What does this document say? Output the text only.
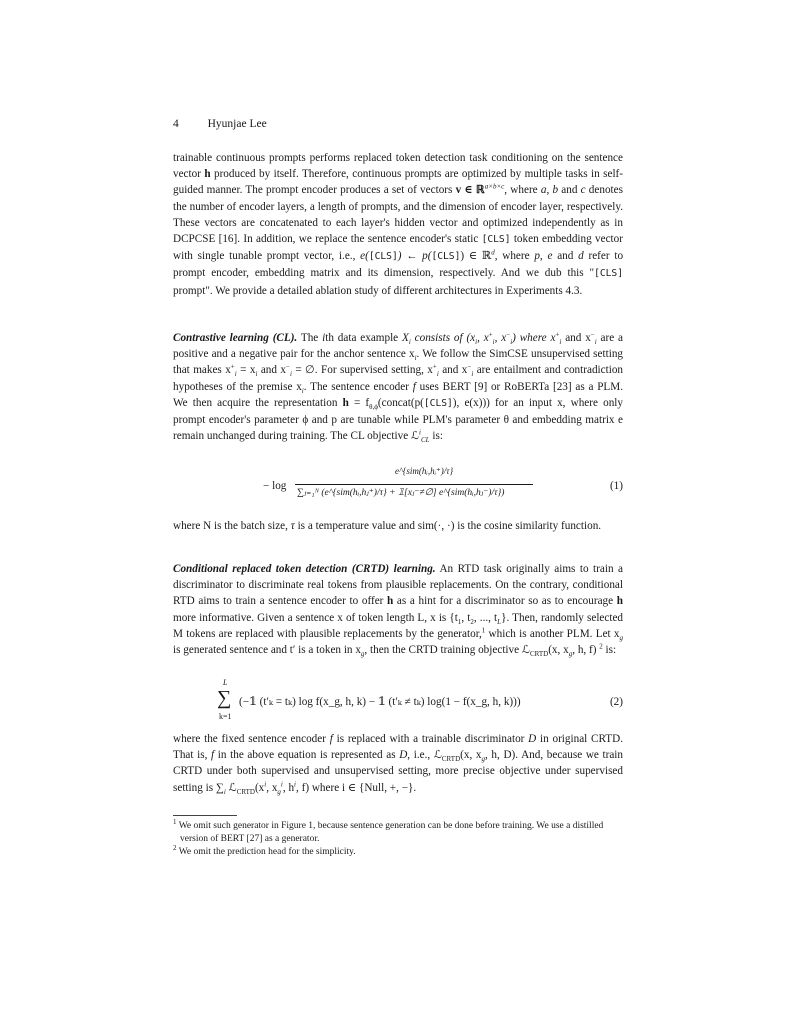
4	Hyunjae Lee
trainable continuous prompts performs replaced token detection task conditioning on the sentence vector h produced by itself. Therefore, continuous prompts are optimized by multiple tasks in self-guided manner. The prompt encoder produces a set of vectors v ∈ ℝ$^{a\times b\times c}$, where a, b and c denotes the number of encoder layers, a length of prompts, and the dimension of encoder layer, respectively. These vectors are concatenated to each layer's hidden vector and optimized independently as in DCPCSE [16]. In addition, we replace the sentence encoder's static [CLS] token embedding vector with single tunable prompt vector, i.e., e([CLS]) ← p([CLS]) ∈ ℝ$^d$, where p, e and d refer to prompt encoder, embedding matrix and its dimension, respectively. And we dub this "[CLS] prompt". We provide a detailed ablation study of different architectures in Experiments 4.3.
Contrastive learning (CL). The ith data example $X_i$ consists of ($x_i$, $x^+_i$, $x^-_i$) where $x^+_i$ and $x^-_i$ are a positive and a negative pair for the anchor sentence $x_i$. We follow the SimCSE unsupervised setting that makes $x^+_i = x_i$ and $x^-_i$ = ∅. For supervised setting, $x^+_i$ and $x^-_i$ are entailment and contradiction hypotheses of the premise $x_i$. The sentence encoder f uses BERT [9] or RoBERTa [23] as a PLM. We then acquire the representation $h = f_{\theta,\phi}(concat(p([CLS])$, e(x))) for an input x, where only prompt encoder's parameter ϕ and p are tunable while PLM's parameter θ and embedding matrix e remain unchanged during training. The CL objective ℒ$^i_{CL}$ is:
− log
e^{sim(hᵢ,hᵢ⁺)/τ}
∑ⱼ₌₁ᴺ (e^{sim(hᵢ,hⱼ⁺)/τ} + 𝟙[xⱼ⁻≠∅] e^{sim(hᵢ,hⱼ⁻)/τ})
(1)
where N is the batch size, τ is a temperature value and sim(·, ·) is the cosine similarity function.
Conditional replaced token detection (CRTD) learning. An RTD task originally aims to train a discriminator to discriminate real tokens from plausible replacements. On the contrary, conditional RTD aims to train a sentence encoder to offer h as a hint for a discriminator so as to encourage h more informative. Given a sentence x of token length L, x is {$t_1$, $t_2$, ..., $t_L$}. Then, randomly selected M tokens are replaced with plausible replacements by the generator,$^1$ which is another PLM. Let $x_g$ is generated sentence and t′ is a token in $x_g$, then the CRTD training objective ℒ$_{CRTD}$(x, $x_g$, h, f) $^2$ is:
L
∑
k=1
(−𝟙 (t′ₖ = tₖ) log f(x_g, h, k) − 𝟙 (t′ₖ ≠ tₖ) log(1 − f(x_g, h, k)))	(2)
where the fixed sentence encoder f is replaced with a trainable discriminator D in original CRTD. That is, f in the above equation is represented as D, i.e., ℒ$_{CRTD}$(x, $x_g$, h, D). And, because we train CRTD under both supervised and unsupervised setting, more precise objective under supervised setting is $\sum_i$ $ℒ_{CRTD}(x^i$, $x_g^i$, $h^i$, f) where i ∈ {Null, +, −}.
$^1$ We omit such generator in Figure 1, because sentence generation can be done before training. We use a distilled version of BERT [27] as a generator.
$^2$ We omit the prediction head for the simplicity.
